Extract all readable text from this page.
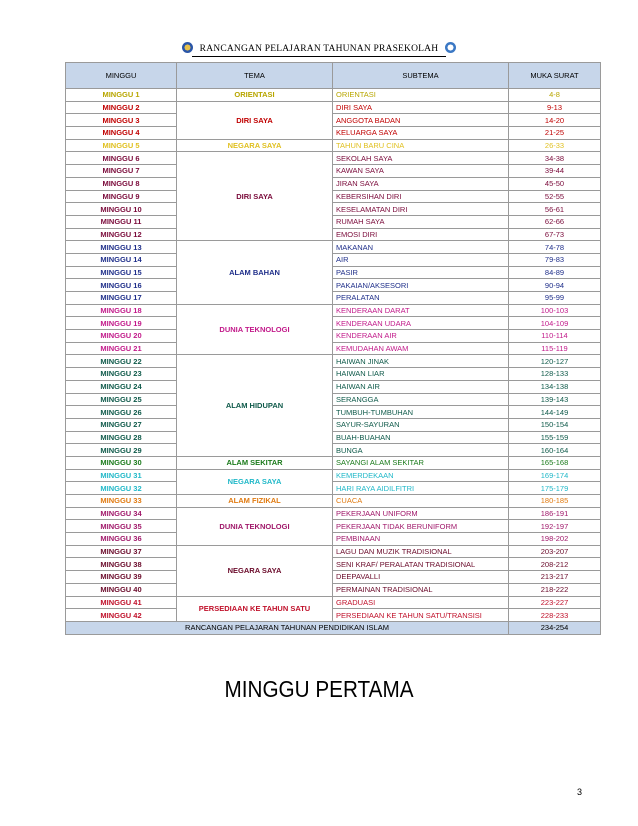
RANCANGAN PELAJARAN TAHUNAN PRASEKOLAH
MINGGU	TEMA	SUBTEMA	MUKA SURAT
MINGGU 1	ORIENTASI	ORIENTASI	4-8
MINGGU 2	DIRI SAYA	DIRI SAYA	9-13
MINGGU 3		ANGGOTA BADAN	14-20
MINGGU 4		KELUARGA SAYA	21-25
MINGGU 5	NEGARA SAYA	TAHUN BARU CINA	26-33
MINGGU 6	DIRI SAYA	SEKOLAH SAYA	34-38
MINGGU 7		KAWAN SAYA	39-44
MINGGU 8		JIRAN SAYA	45-50
MINGGU 9		KEBERSIHAN DIRI	52-55
MINGGU 10		KESELAMATAN DIRI	56-61
MINGGU 11		RUMAH SAYA	62-66
MINGGU 12		EMOSI DIRI	67-73
MINGGU 13	ALAM BAHAN	MAKANAN	74-78
MINGGU 14		AIR	79-83
MINGGU 15		PASIR	84-89
MINGGU 16		PAKAIAN/AKSESORI	90-94
MINGGU 17		PERALATAN	95-99
MINGGU 18	DUNIA TEKNOLOGI	KENDERAAN DARAT	100-103
MINGGU 19		KENDERAAN UDARA	104-109
MINGGU 20		KENDERAAN AIR	110-114
MINGGU 21		KEMUDAHAN AWAM	115-119
MINGGU 22	ALAM HIDUPAN	HAIWAN JINAK	120-127
MINGGU 23		HAIWAN LIAR	128-133
MINGGU 24		HAIWAN AIR	134-138
MINGGU 25		SERANGGA	139-143
MINGGU 26		TUMBUH-TUMBUHAN	144-149
MINGGU 27		SAYUR-SAYURAN	150-154
MINGGU 28		BUAH-BUAHAN	155-159
MINGGU 29		BUNGA	160-164
MINGGU 30	ALAM SEKITAR	SAYANGI ALAM SEKITAR	165-168
MINGGU 31	NEGARA SAYA	KEMERDEKAAN	169-174
MINGGU 32		HARI RAYA AIDILFITRI	175-179
MINGGU 33	ALAM FIZIKAL	CUACA	180-185
MINGGU 34	DUNIA TEKNOLOGI	PEKERJAAN UNIFORM	186-191
MINGGU 35		PEKERJAAN TIDAK BERUNIFORM	192-197
MINGGU 36		PEMBINAAN	198-202
MINGGU 37	NEGARA SAYA	LAGU DAN MUZIK TRADISIONAL	203-207
MINGGU 38		SENI KRAF/ PERALATAN TRADISIONAL	208-212
MINGGU 39		DEEPAVALLI	213-217
MINGGU 40		PERMAINAN TRADISIONAL	218-222
MINGGU 41	PERSEDIAAN KE TAHUN SATU	GRADUASI	223-227
MINGGU 42		PERSEDIAAN KE TAHUN SATU/TRANSISI	228-233
RANCANGAN PELAJARAN TAHUNAN PENDIDIKAN ISLAM			234-254
MINGGU PERTAMA
3
